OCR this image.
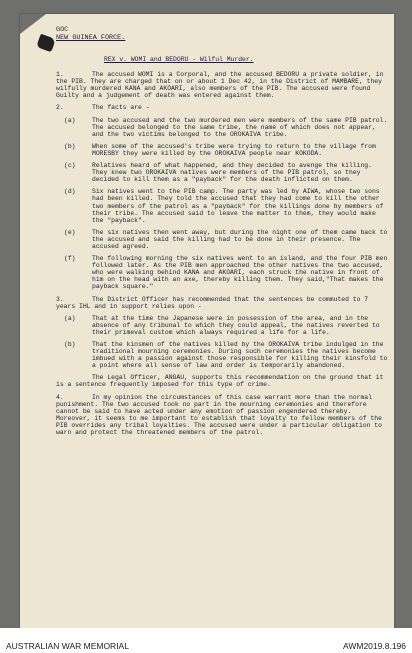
GOC
NEW GUINEA FORCE.
REX v. WOMI and BEDORU - Wilful Murder.
1.	The accused WOMI is a Corporal, and the accused BEDORU a private soldier, in the PIB. They are charged that on or about 1 Dec 42, in the District of MAMBARE, they wilfully murdered KANA and AKOARI, also members of the PIB. The accused were found Guilty and a judgement of death was entered against them.
2.	The facts are -
(a)	The two accused and the two murdered men were members of the same PIB patrol. The accused belonged to the same tribe, the name of which does not appear, and the two victims belonged to the OROKAIVA tribe.
(b)	When some of the accused's tribe were trying to return to the village from MORESBY they were killed by the OROKAIVA people near KOKODA.
(c)	Relatives heard of what happened, and they decided to avenge the killing. They knew two OROKAIVA natives were members of the PIB patrol, so they decided to kill them as a "payback" for the death inflicted on them.
(d)	Six natives went to the PIB camp. The party was led by AIWA, whose two sons had been killed. They told the accused that they had come to kill the other two members of the patrol as a "payback" for the killings done by members of their tribe. The accused said to leave the matter to them, they would make the "payback".
(e)	The six natives then went away, but during the night one of them came back to the accused and said the killing had to be done in their presence. The accused agreed.
(f)	The following morning the six natives went to an island, and the four PIB men followed later. As the PIB men approached the other natives the two accused, who were walking behind KANA and AKOARI, each struck the native in front of him on the head with an axe, thereby killing them. They said,"That makes the payback square."
3.	The District Officer has recommended that the sentences be commuted to 7 years IHL and in support relies upon -
(a)	That at the time the Japanese were in possession of the area, and in the absence of any tribunal to which they could appeal, the natives reverted to their primeval custom which always required a life for a life.
(b)	That the kinsmen of the natives killed by the OROKAIVA tribe indulged in the traditional mourning ceremonies. During such ceremonies the natives become imbued with a passion against those responsible for killing their kinsfold to a point where all sense of law and order is temporarily abandoned.
The Legal Officer, ANGAU, supports this recommendation on the ground that it is a sentence frequently imposed for this type of crime.
4.	In my opinion the circumstances of this case warrant more than the normal punishment. The two accused took no part in the mourning ceremonies and therefore cannot be said to have acted under any emotion of passion engendered thereby. Moreover, it seems to me important to establish that loyalty to fellow members of the PIB overrides any tribal loyalties. The accused were under a particular obligation to warn and protect the threatened members of the patrol.
AUSTRALIAN WAR MEMORIAL	AWM2019.8.196
